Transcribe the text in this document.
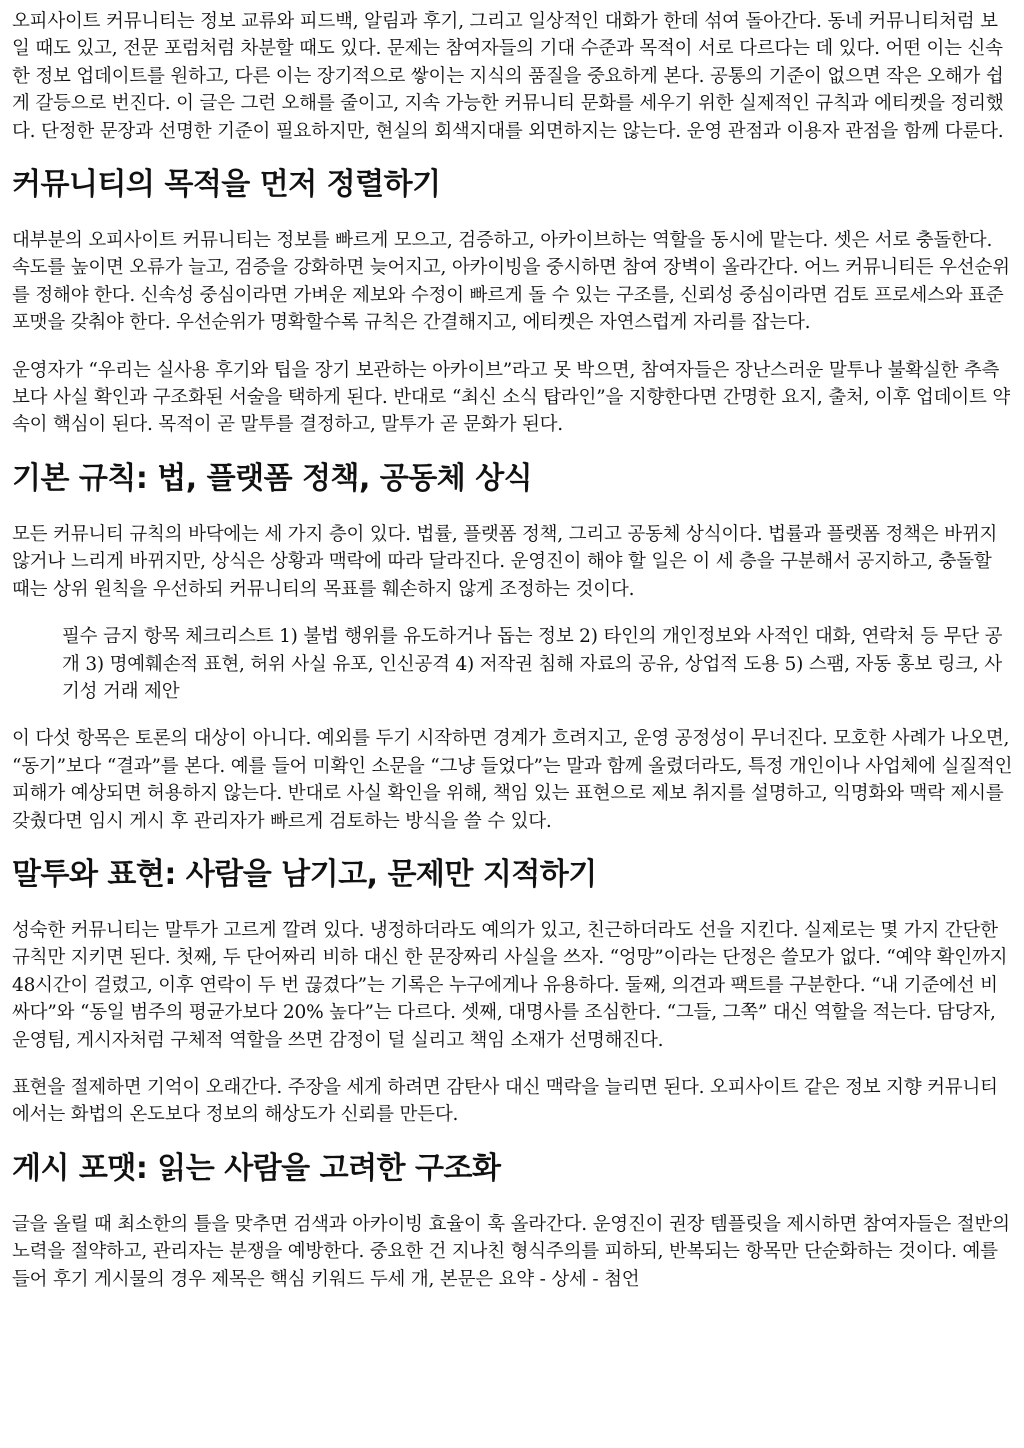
오피사이트 커뮤니티는 정보 교류와 피드백, 알림과 후기, 그리고 일상적인 대화가 한데 섞여 돌아간다. 동네 커뮤니티처럼 보일 때도 있고, 전문 포럼처럼 차분할 때도 있다. 문제는 참여자들의 기대 수준과 목적이 서로 다르다는 데 있다. 어떤 이는 신속한 정보 업데이트를 원하고, 다른 이는 장기적으로 쌓이는 지식의 품질을 중요하게 본다. 공통의 기준이 없으면 작은 오해가 쉽게 갈등으로 번진다. 이 글은 그런 오해를 줄이고, 지속 가능한 커뮤니티 문화를 세우기 위한 실제적인 규칙과 에티켓을 정리했다. 단정한 문장과 선명한 기준이 필요하지만, 현실의 회색지대를 외면하지는 않는다. 운영 관점과 이용자 관점을 함께 다룬다.

커뮤니티의 목적을 먼저 정렬하기

대부분의 오피사이트 커뮤니티는 정보를 빠르게 모으고, 검증하고, 아카이브하는 역할을 동시에 맡는다. 셋은 서로 충돌한다. 속도를 높이면 오류가 늘고, 검증을 강화하면 늦어지고, 아카이빙을 중시하면 참여 장벽이 올라간다. 어느 커뮤니티든 우선순위를 정해야 한다. 신속성 중심이라면 가벼운 제보와 수정이 빠르게 돌 수 있는 구조를, 신뢰성 중심이라면 검토 프로세스와 표준 포맷을 갖춰야 한다. 우선순위가 명확할수록 규칙은 간결해지고, 에티켓은 자연스럽게 자리를 잡는다.

운영자가 “우리는 실사용 후기와 팁을 장기 보관하는 아카이브”라고 못 박으면, 참여자들은 장난스러운 말투나 불확실한 추측보다 사실 확인과 구조화된 서술을 택하게 된다. 반대로 “최신 소식 탑라인”을 지향한다면 간명한 요지, 출처, 이후 업데이트 약속이 핵심이 된다. 목적이 곧 말투를 결정하고, 말투가 곧 문화가 된다.

기본 규칙: 법, 플랫폼 정책, 공동체 상식

모든 커뮤니티 규칙의 바닥에는 세 가지 층이 있다. 법률, 플랫폼 정책, 그리고 공동체 상식이다. 법률과 플랫폼 정책은 바뀌지 않거나 느리게 바뀌지만, 상식은 상황과 맥락에 따라 달라진다. 운영진이 해야 할 일은 이 세 층을 구분해서 공지하고, 충돌할 때는 상위 원칙을 우선하되 커뮤니티의 목표를 훼손하지 않게 조정하는 것이다.

필수 금지 항목 체크리스트 1) 불법 행위를 유도하거나 돕는 정보 2) 타인의 개인정보와 사적인 대화, 연락처 등 무단 공개 3) 명예훼손적 표현, 허위 사실 유포, 인신공격 4) 저작권 침해 자료의 공유, 상업적 도용 5) 스팸, 자동 홍보 링크, 사기성 거래 제안

이 다섯 항목은 토론의 대상이 아니다. 예외를 두기 시작하면 경계가 흐려지고, 운영 공정성이 무너진다. 모호한 사례가 나오면, “동기”보다 “결과”를 본다. 예를 들어 미확인 소문을 “그냥 들었다”는 말과 함께 올렸더라도, 특정 개인이나 사업체에 실질적인 피해가 예상되면 허용하지 않는다. 반대로 사실 확인을 위해, 책임 있는 표현으로 제보 취지를 설명하고, 익명화와 맥락 제시를 갖췄다면 임시 게시 후 관리자가 빠르게 검토하는 방식을 쓸 수 있다.

말투와 표현: 사람을 남기고, 문제만 지적하기

성숙한 커뮤니티는 말투가 고르게 깔려 있다. 냉정하더라도 예의가 있고, 친근하더라도 선을 지킨다. 실제로는 몇 가지 간단한 규칙만 지키면 된다. 첫째, 두 단어짜리 비하 대신 한 문장짜리 사실을 쓰자. “엉망”이라는 단정은 쓸모가 없다. “예약 확인까지 48시간이 걸렸고, 이후 연락이 두 번 끊겼다”는 기록은 누구에게나 유용하다. 둘째, 의견과 팩트를 구분한다. “내 기준에선 비싸다”와 “동일 범주의 평균가보다 20% 높다”는 다르다. 셋째, 대명사를 조심한다. “그들, 그쪽” 대신 역할을 적는다. 담당자, 운영팀, 게시자처럼 구체적 역할을 쓰면 감정이 덜 실리고 책임 소재가 선명해진다.

표현을 절제하면 기억이 오래간다. 주장을 세게 하려면 감탄사 대신 맥락을 늘리면 된다. 오피사이트 같은 정보 지향 커뮤니티에서는 화법의 온도보다 정보의 해상도가 신뢰를 만든다.

게시 포맷: 읽는 사람을 고려한 구조화

글을 올릴 때 최소한의 틀을 맞추면 검색과 아카이빙 효율이 훅 올라간다. 운영진이 권장 템플릿을 제시하면 참여자들은 절반의 노력을 절약하고, 관리자는 분쟁을 예방한다. 중요한 건 지나친 형식주의를 피하되, 반복되는 항목만 단순화하는 것이다. 예를 들어 후기 게시물의 경우 제목은 핵심 키워드 두세 개, 본문은 요약 - 상세 - 첨언
